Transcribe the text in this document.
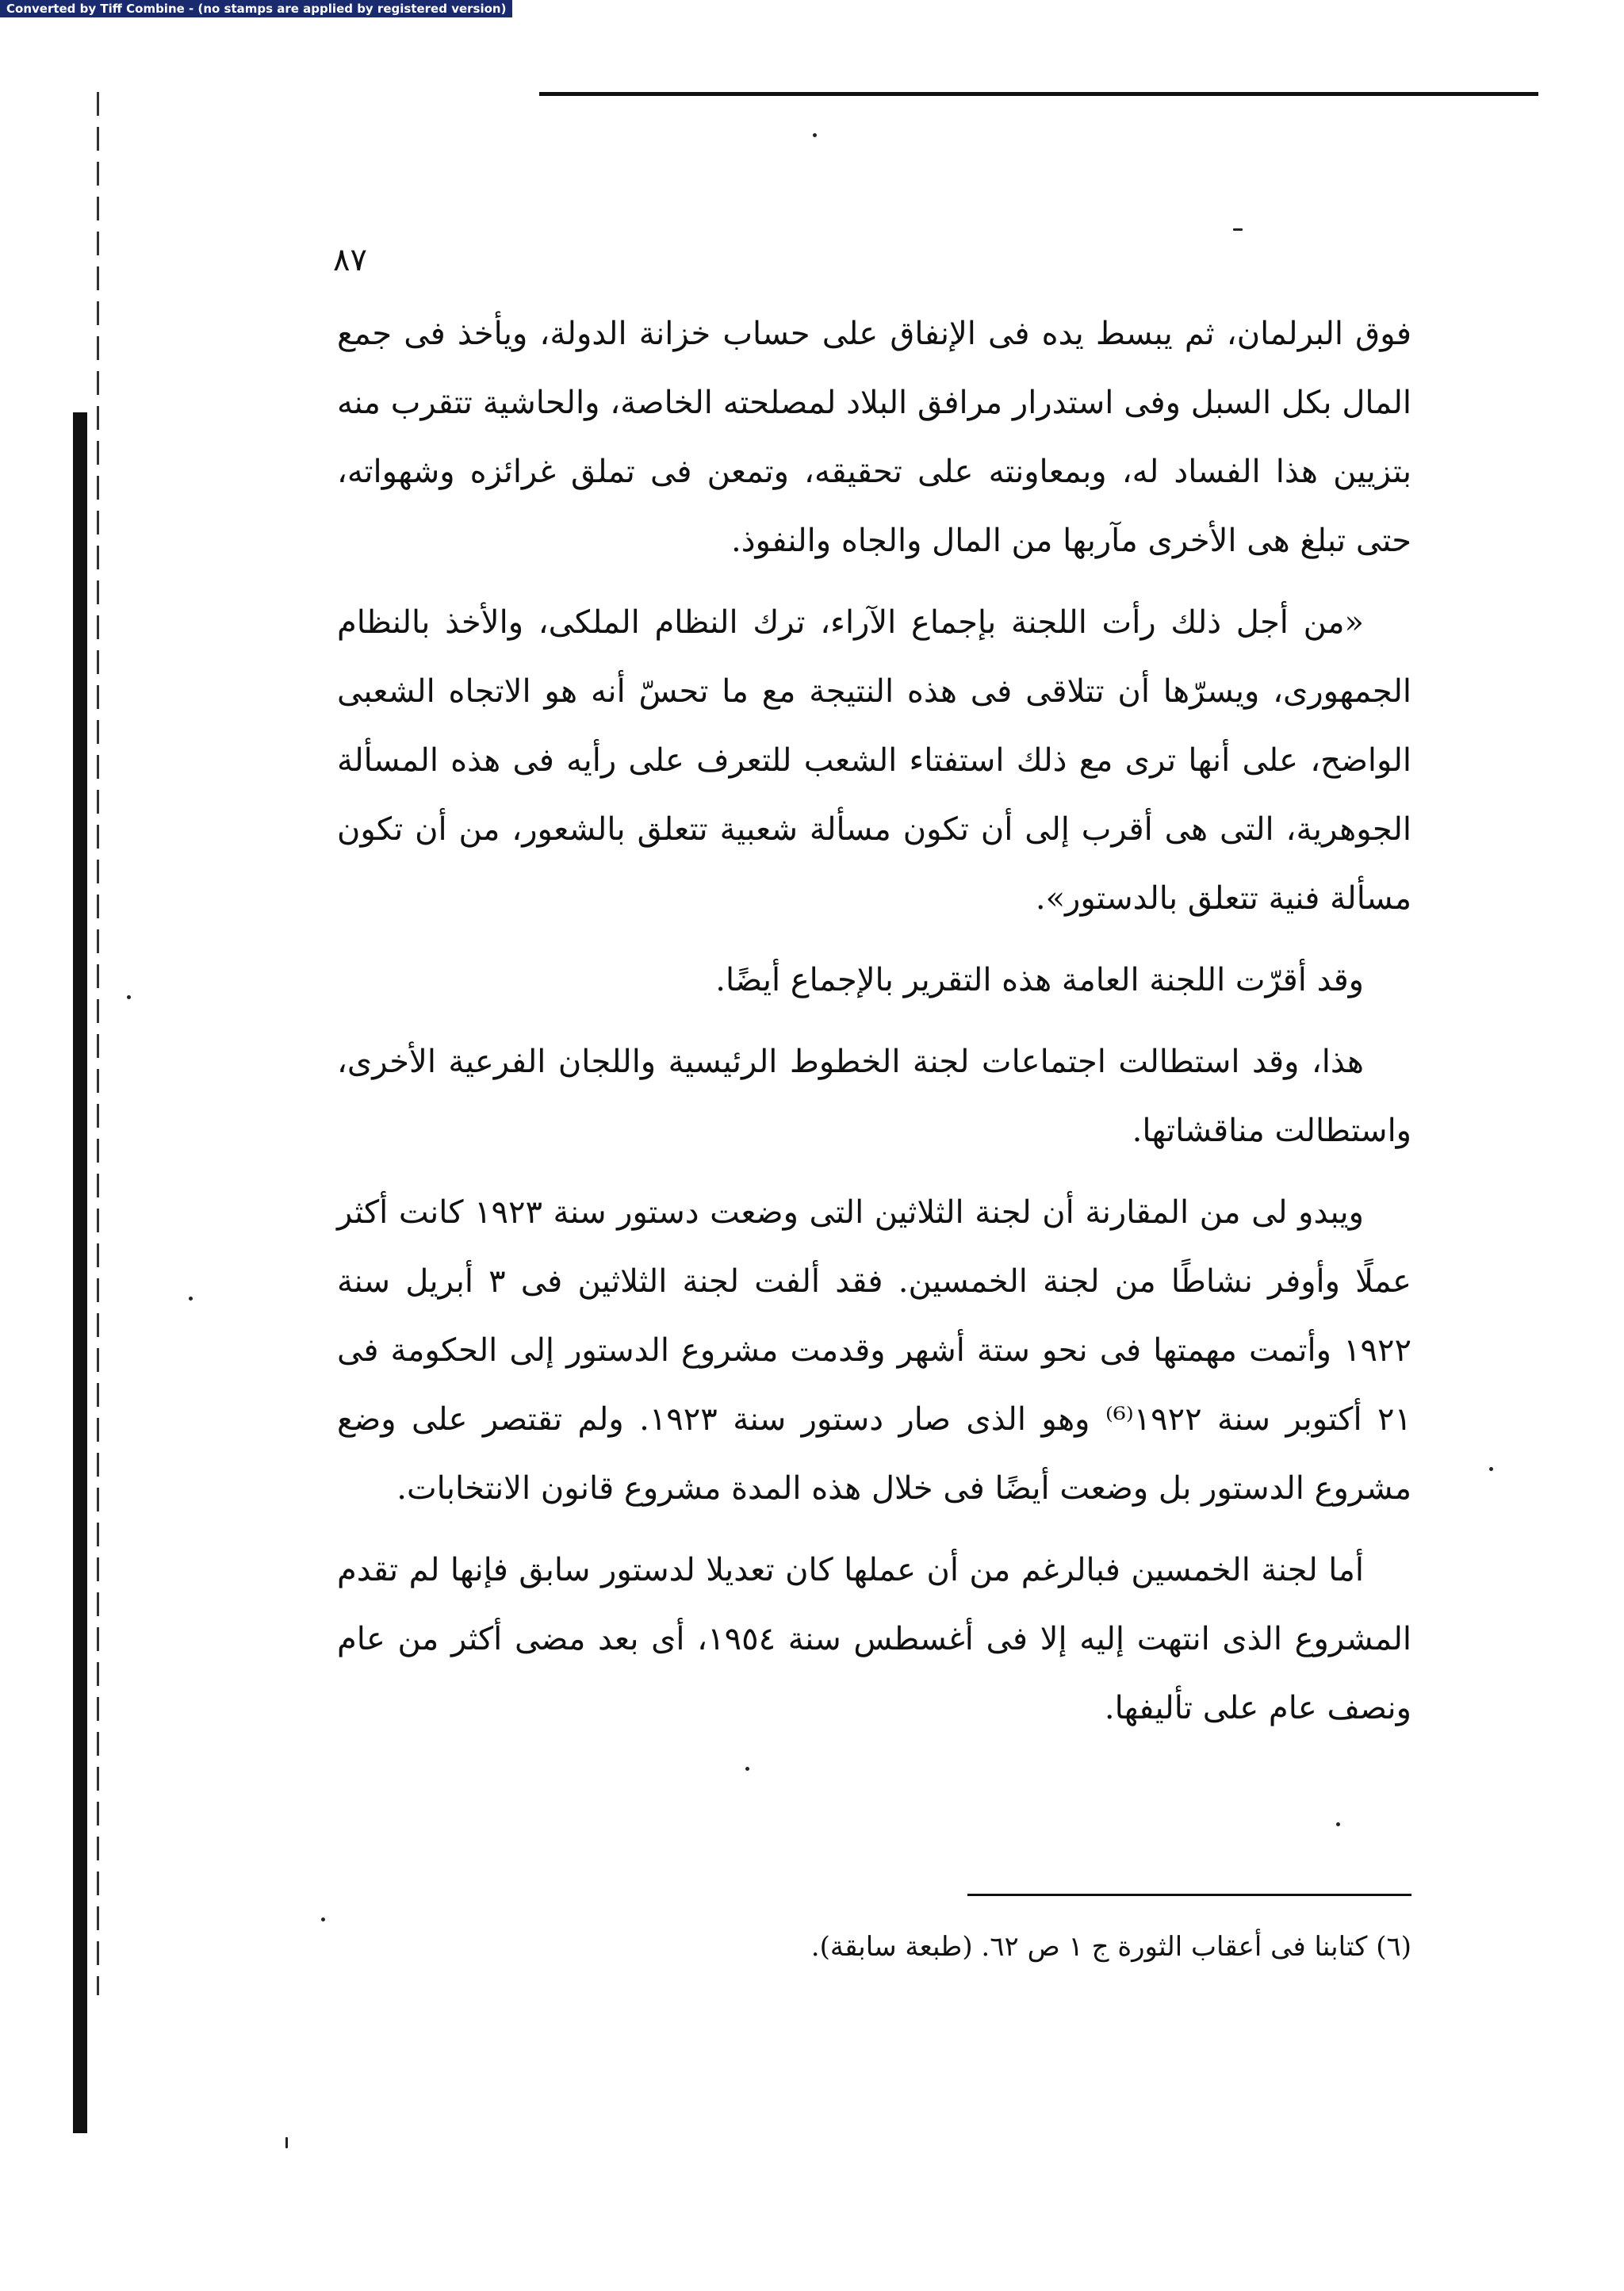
Converted by Tiff Combine - (no stamps are applied by registered version)
٨٧

فوق البرلمان، ثم يبسط يده فى الإنفاق على حساب خزانة الدولة، ويأخذ فى جمع المال بكل السبل وفى استدرار مرافق البلاد لمصلحته الخاصة، والحاشية تتقرب منه بتزيين هذا الفساد له، وبمعاونته على تحقيقه، وتمعن فى تملق غرائزه وشهواته، حتى تبلغ هى الأخرى مآربها من المال والجاه والنفوذ.

«من أجل ذلك رأت اللجنة بإجماع الآراء، ترك النظام الملكى، والأخذ بالنظام الجمهورى، ويسرّها أن تتلاقى فى هذه النتيجة مع ما تحسّ أنه هو الاتجاه الشعبى الواضح، على أنها ترى مع ذلك استفتاء الشعب للتعرف على رأيه فى هذه المسألة الجوهرية، التى هى أقرب إلى أن تكون مسألة شعبية تتعلق بالشعور، من أن تكون مسألة فنية تتعلق بالدستور».

وقد أقرّت اللجنة العامة هذه التقرير بالإجماع أيضًا.

هذا، وقد استطالت اجتماعات لجنة الخطوط الرئيسية واللجان الفرعية الأخرى، واستطالت مناقشاتها.

ويبدو لى من المقارنة أن لجنة الثلاثين التى وضعت دستور سنة ١٩٢٣ كانت أكثر عملًا وأوفر نشاطًا من لجنة الخمسين. فقد ألفت لجنة الثلاثين فى ٣ أبريل سنة ١٩٢٢ وأتمت مهمتها فى نحو ستة أشهر وقدمت مشروع الدستور إلى الحكومة فى ٢١ أكتوبر سنة ١٩٢٢⁽⁶⁾ وهو الذى صار دستور سنة ١٩٢٣. ولم تقتصر على وضع مشروع الدستور بل وضعت أيضًا فى خلال هذه المدة مشروع قانون الانتخابات.

أما لجنة الخمسين فبالرغم من أن عملها كان تعديلا لدستور سابق فإنها لم تقدم المشروع الذى انتهت إليه إلا فى أغسطس سنة ١٩٥٤، أى بعد مضى أكثر من عام ونصف عام على تأليفها.

(٦) كتابنا فى أعقاب الثورة ج ١ ص ٦٢. (طبعة سابقة).
